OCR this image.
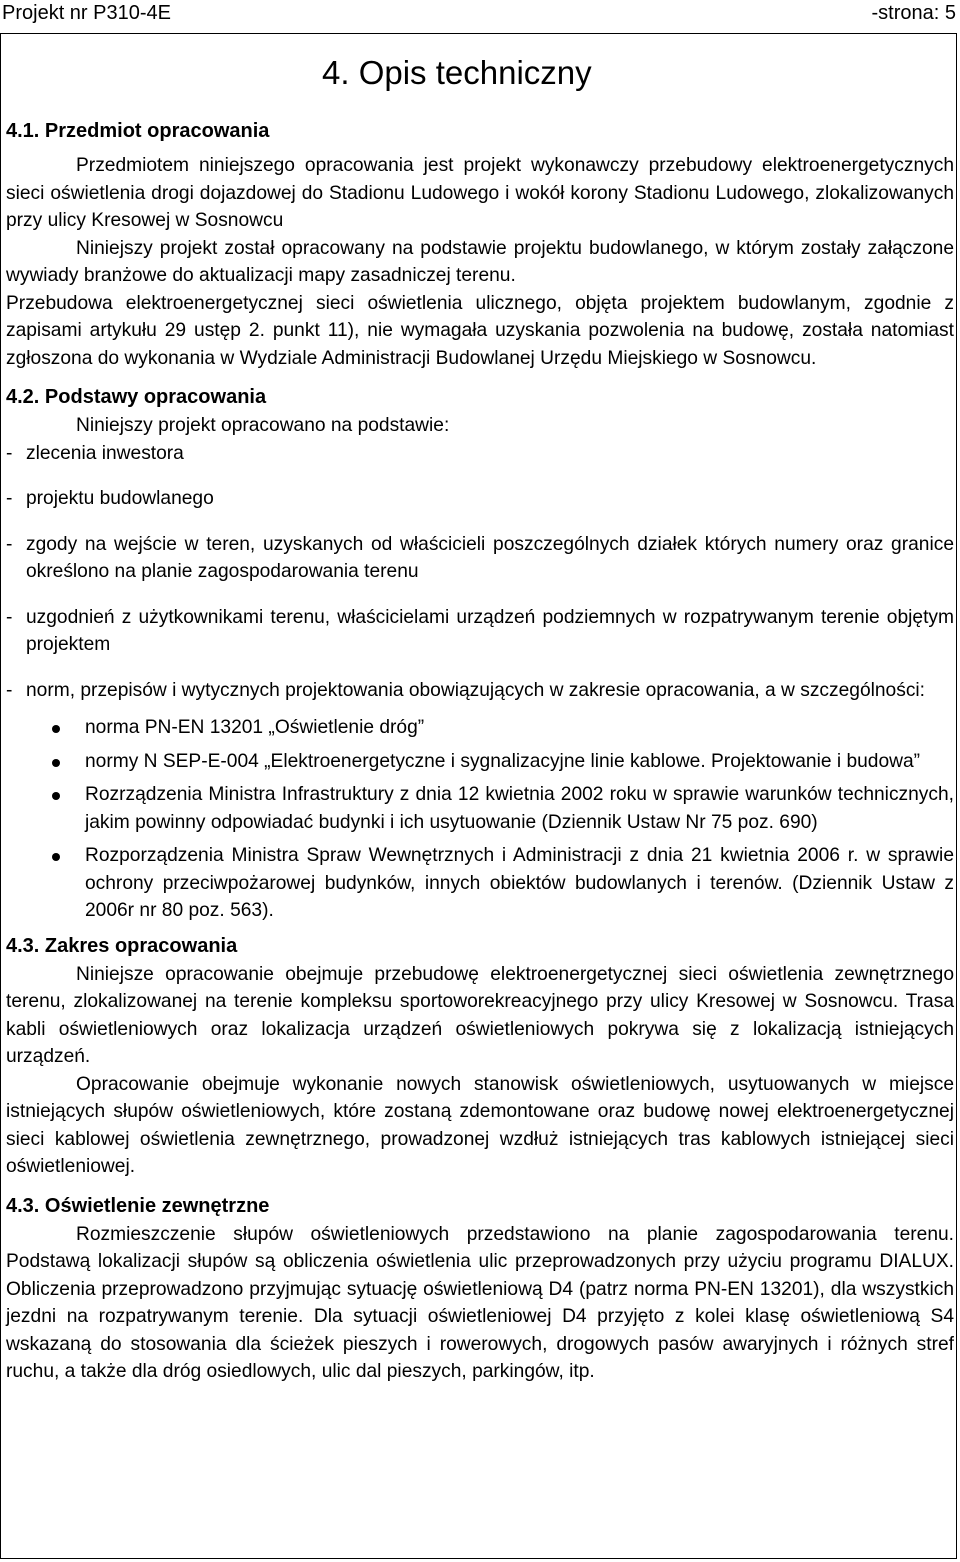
Projekt nr P310-4E	-strona: 5
4. Opis techniczny
4.1. Przedmiot opracowania

Przedmiotem niniejszego opracowania jest projekt wykonawczy przebudowy elektroenergetycznych sieci oświetlenia drogi dojazdowej do Stadionu Ludowego i wokół korony Stadionu Ludowego, zlokalizowanych przy ulicy Kresowej w Sosnowcu

Niniejszy projekt został opracowany na podstawie projektu budowlanego, w którym zostały załączone wywiady branżowe do aktualizacji mapy zasadniczej terenu.

Przebudowa elektroenergetycznej sieci oświetlenia ulicznego, objęta projektem budowlanym, zgodnie z zapisami artykułu 29 ustęp 2. punkt 11), nie wymagała uzyskania pozwolenia na budowę, została natomiast zgłoszona do wykonania w Wydziale Administracji Budowlanej Urzędu Miejskiego w Sosnowcu.

4.2. Podstawy opracowania

Niniejszy projekt opracowano na podstawie:

- zlecenia inwestora
- projektu budowlanego
- zgody na wejście w teren, uzyskanych od właścicieli poszczególnych działek których numery oraz granice określono na planie zagospodarowania terenu
- uzgodnień z użytkownikami terenu, właścicielami urządzeń podziemnych w rozpatrywanym terenie objętym projektem
- norm, przepisów i wytycznych projektowania obowiązujących w zakresie opracowania, a w szczególności:
norma PN-EN 13201 „Oświetlenie dróg”
normy N SEP-E-004 „Elektroenergetyczne i sygnalizacyjne linie kablowe. Projektowanie i budowa”
Rozrządzenia Ministra Infrastruktury z dnia 12 kwietnia 2002 roku w sprawie warunków technicznych, jakim powinny odpowiadać budynki i ich usytuowanie (Dziennik Ustaw Nr 75 poz. 690)
Rozporządzenia Ministra Spraw Wewnętrznych i Administracji z dnia 21 kwietnia 2006 r. w sprawie ochrony przeciwpożarowej budynków, innych obiektów budowlanych i terenów. (Dziennik Ustaw z 2006r nr 80 poz. 563).
4.3. Zakres opracowania

Niniejsze opracowanie obejmuje przebudowę elektroenergetycznej sieci oświetlenia zewnętrznego terenu, zlokalizowanej na terenie kompleksu sportoworekreacyjnego przy ulicy Kresowej w Sosnowcu. Trasa kabli oświetleniowych oraz lokalizacja urządzeń oświetleniowych pokrywa się z lokalizacją istniejących urządzeń.

Opracowanie obejmuje wykonanie nowych stanowisk oświetleniowych, usytuowanych w miejsce istniejących słupów oświetleniowych, które zostaną zdemontowane oraz budowę nowej elektroenergetycznej sieci kablowej oświetlenia zewnętrznego, prowadzonej wzdłuż istniejących tras kablowych istniejącej sieci oświetleniowej.

4.3. Oświetlenie zewnętrzne

Rozmieszczenie słupów oświetleniowych przedstawiono na planie zagospodarowania terenu. Podstawą lokalizacji słupów są obliczenia oświetlenia ulic przeprowadzonych przy użyciu programu DIALUX. Obliczenia przeprowadzono przyjmując sytuację oświetleniową D4 (patrz norma PN-EN 13201), dla wszystkich jezdni na rozpatrywanym terenie. Dla sytuacji oświetleniowej D4 przyjęto z kolei klasę oświetleniową S4 wskazaną do stosowania dla ścieżek pieszych i rowerowych, drogowych pasów awaryjnych i różnych stref ruchu, a także dla dróg osiedlowych, ulic dal pieszych, parkingów, itp.
